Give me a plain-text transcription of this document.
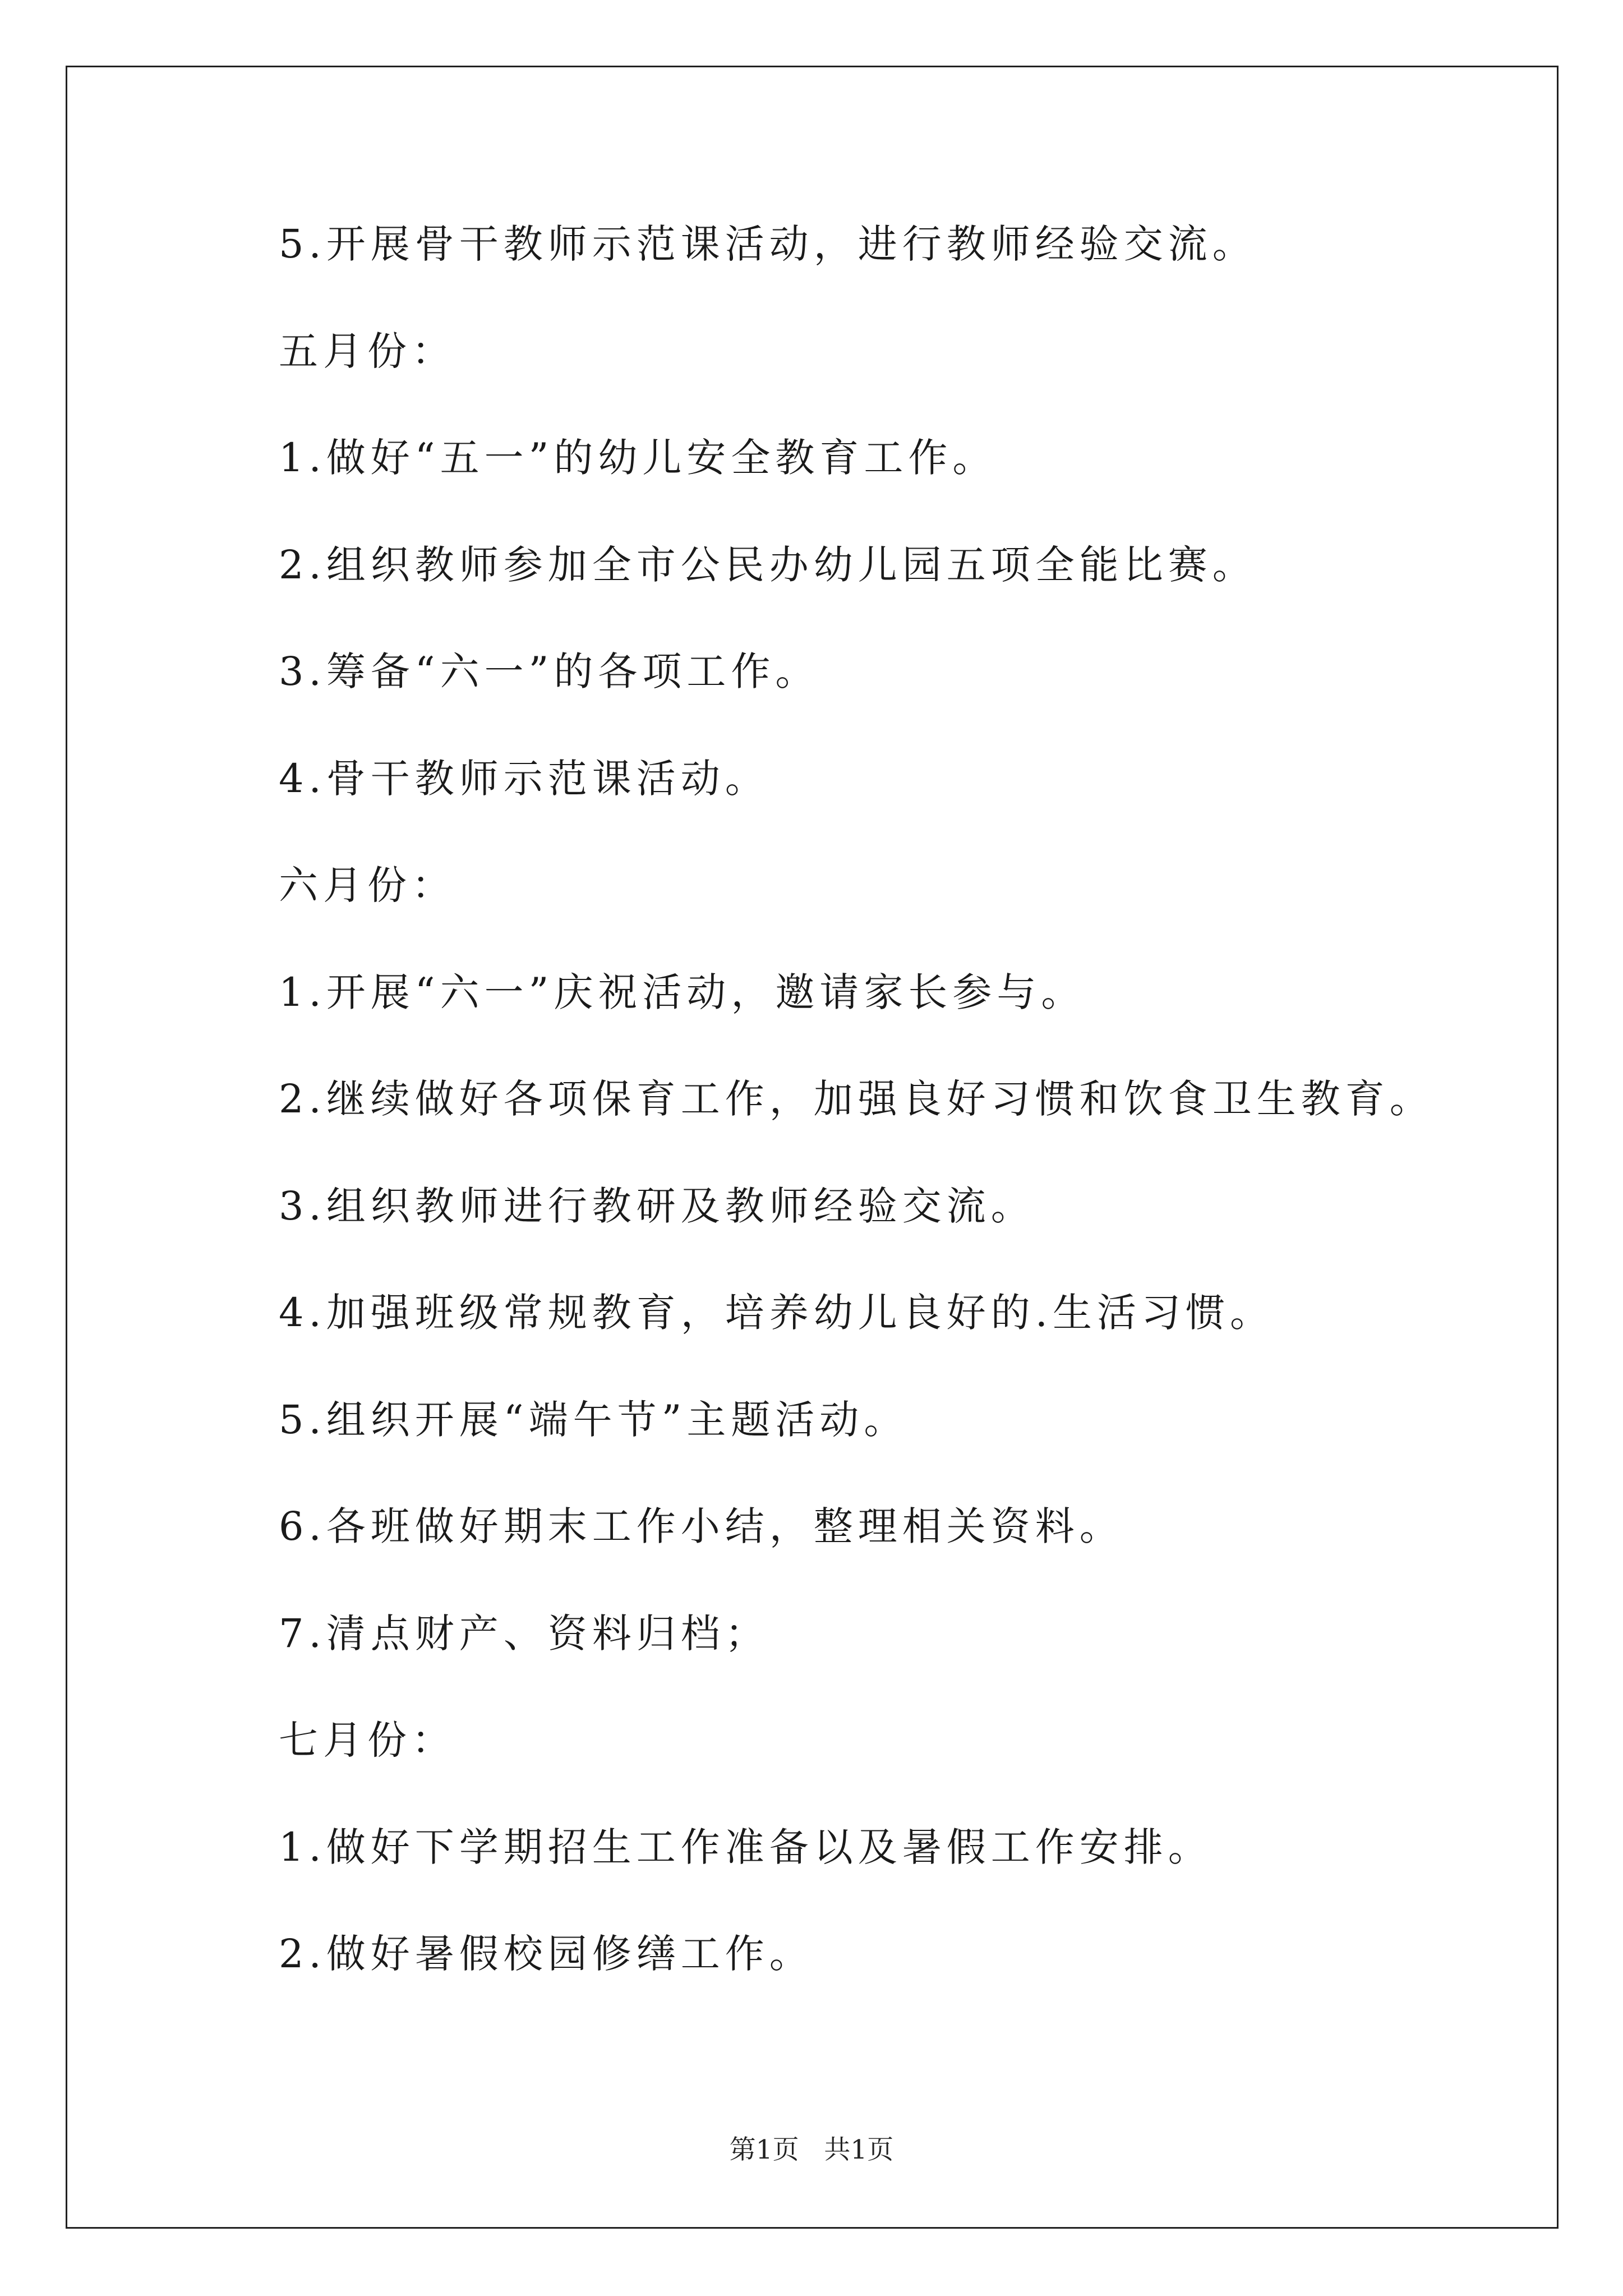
5.开展骨干教师示范课活动，进行教师经验交流。
五月份：
1.做好“五一”的幼儿安全教育工作。
2.组织教师参加全市公民办幼儿园五项全能比赛。
3.筹备“六一”的各项工作。
4.骨干教师示范课活动。
六月份：
1.开展“六一”庆祝活动，邀请家长参与。
2.继续做好各项保育工作，加强良好习惯和饮食卫生教育。
3.组织教师进行教研及教师经验交流。
4.加强班级常规教育，培养幼儿良好的.生活习惯。
5.组织开展“端午节”主题活动。
6.各班做好期末工作小结，整理相关资料。
7.清点财产、资料归档；
七月份：
1.做好下学期招生工作准备以及暑假工作安排。
2.做好暑假校园修缮工作。
第1页   共1页
